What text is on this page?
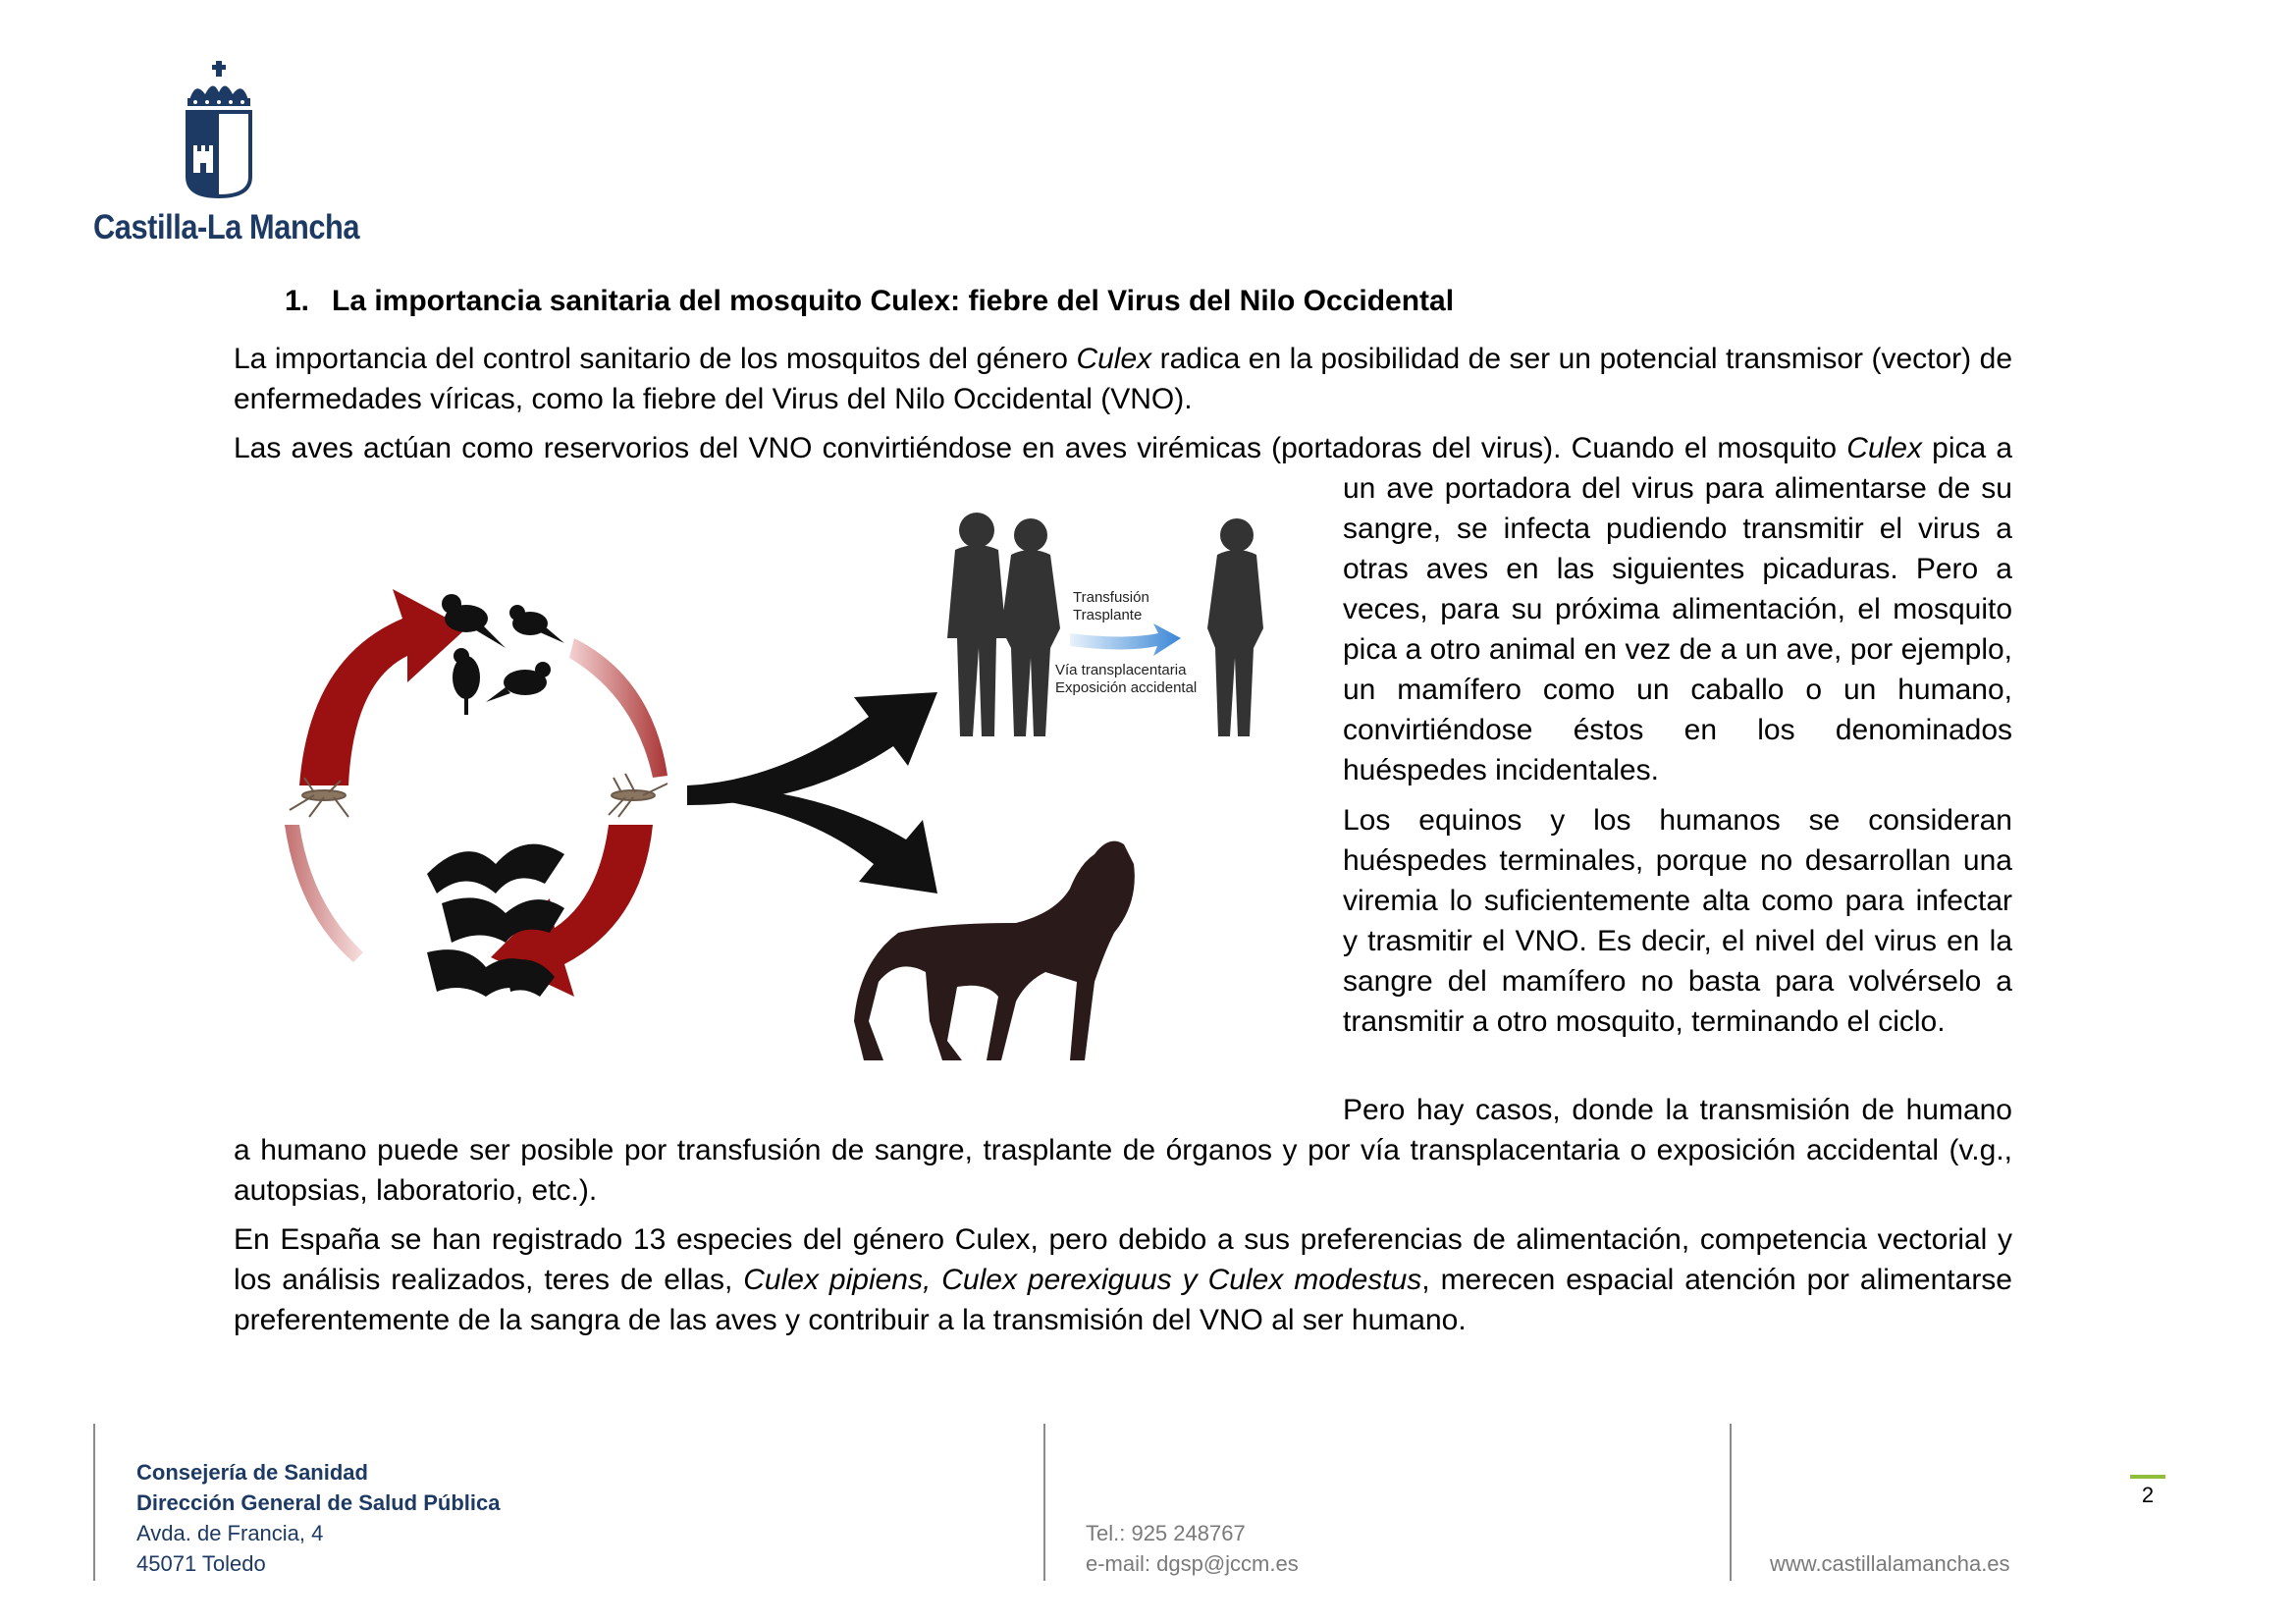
Castilla-La Mancha
1. La importancia sanitaria del mosquito Culex: fiebre del Virus del Nilo Occidental
La importancia del control sanitario de los mosquitos del género Culex radica en la posibilidad de ser un potencial transmisor (vector) de enfermedades víricas, como la fiebre del Virus del Nilo Occidental (VNO).
Las aves actúan como reservorios del VNO convirtiéndose en aves virémicas (portadoras del virus). Cuando el mosquito Culex pica a
un ave portadora del virus para alimentarse de su sangre, se infecta pudiendo transmitir el virus a otras aves en las siguientes picaduras. Pero a veces, para su próxima alimentación, el mosquito pica a otro animal en vez de a un ave, por ejemplo, un mamífero como un caballo o un humano, convirtiéndose éstos en los denominados huéspedes incidentales.
Los equinos y los humanos se consideran huéspedes terminales, porque no desarrollan una viremia lo suficientemente alta como para infectar y trasmitir el VNO. Es decir, el nivel del virus en la sangre del mamífero no basta para volvérselo a transmitir a otro mosquito, terminando el ciclo.
Pero hay casos, donde la transmisión de humano
a humano puede ser posible por transfusión de sangre, trasplante de órganos y por vía transplacentaria o exposición accidental (v.g., autopsias, laboratorio, etc.).
En España se han registrado 13 especies del género Culex, pero debido a sus preferencias de alimentación, competencia vectorial y los análisis realizados, teres de ellas, Culex pipiens, Culex perexiguus y Culex modestus, merecen espacial atención por alimentarse preferentemente de la sangra de las aves y contribuir a la transmisión del VNO al ser humano.
Transfusión
Trasplante
Vía transplacentaria
Exposición accidental
Consejería de Sanidad
Dirección General de Salud Pública
Avda. de Francia, 4
45071 Toledo
Tel.: 925 248767
e-mail: dgsp@jccm.es	www.castillalamancha.es
2
